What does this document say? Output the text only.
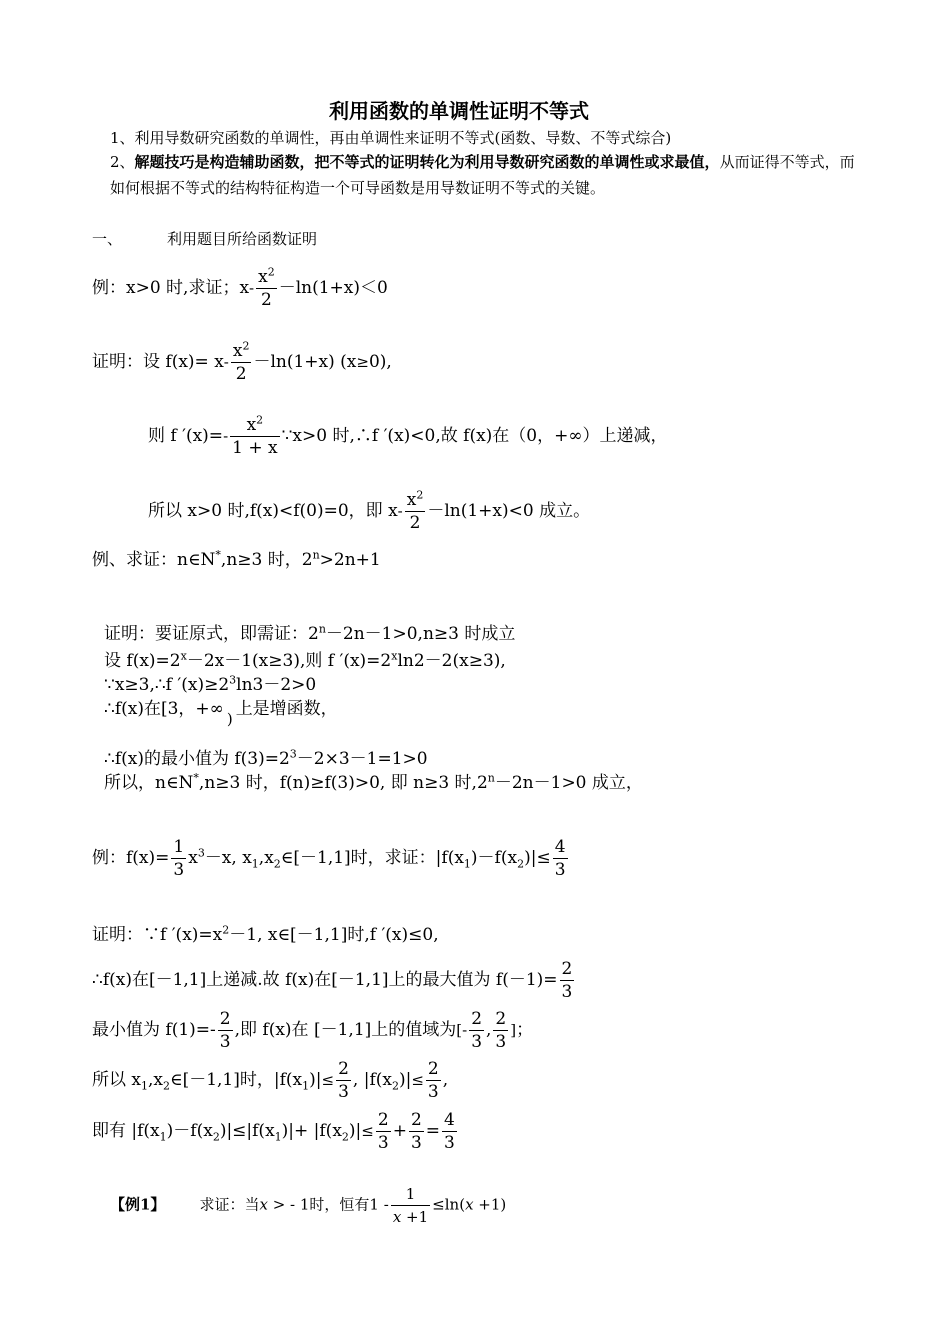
利用函数的单调性证明不等式
1、利用导数研究函数的单调性，再由单调性来证明不等式(函数、导数、不等式综合)
2、解题技巧是构造辅助函数，把不等式的证明转化为利用导数研究函数的单调性或求最值，从而证得不等式，而如何根据不等式的结构特征构造一个可导函数是用导数证明不等式的关键。
一、	利用题目所给函数证明
例：x>0 时,求证；$x- \frac{x^2}{2} -\ln(1+x)<0$
证明：设 $f(x)= x- \frac{x^2}{2} -\ln(1+x)$ (x≥0),
则 f $'(x)=- \frac{x^2}{1 + x}$ ∵x>0 时,∴f ′(x)<0,故 f(x)在（0，+∞）上递减，
所以 x>0 时,f(x)<f(0)=0，即 $x- \frac{x^2}{2} -\ln(1+x)<0$ 成立。
例、求证：n∈N*,n≥3 时，$2^n>2n+1$
证明：要证原式，即需证：$2^n-2n-1>0,n\ge 3$ 时成立
设 $f(x)=2^x-2x-1(x\ge 3)$,则 f $'(x)=2^x\ln 2-2(x\ge 3)$,
∵x≥3,∴f $'(x)\ge 2^3\ln 3-2>0$
∴f(x)在[3，+∞ ) 上是增函数，
∴f(x)的最小值为 $f(3)=2^3-2\times 3-1=1>0$
所以，n∈N*,n≥3 时，f(n)≥f(3)>0, 即 n≥3 时$,2^n-2n-1>0$ 成立，
例：$f(x)= \frac{1}{3} x^3-x$, $x_1,x_2\in[-1,1]$时，求证：$|f(x_1)-f(x_2)|\le \frac{4}{3}$
证明：∵f $'(x)=x^2-1$, x∈[－1,1]时,f ′(x)≤0,
∴f(x)在[－1,1]上递减.故 f(x)在[－1,1]上的最大值为 $f(-1)= \frac{2}{3}$
最小值为 $f(1)=- \frac{2}{3}$ ,即 f(x)在 [－1,1]上的值域为[- $\frac{2}{3}$ , $\frac{2}{3}$ ]；
所以 $x_1,x_2\in[-1,1]$时，$|f(x_1)|\le \frac{2}{3}$ , $|f(x_2)|\le \frac{2}{3}$ ,
即有 $|f(x_1)-f(x_2)|\le|f(x_1)|+ |f(x_2)|\le \frac{2}{3} + \frac{2}{3} = \frac{4}{3}$
【例1】 求证：当x > - 1时，恒有$1 - \frac{1}{x +1} \le\ln(x +1)$
